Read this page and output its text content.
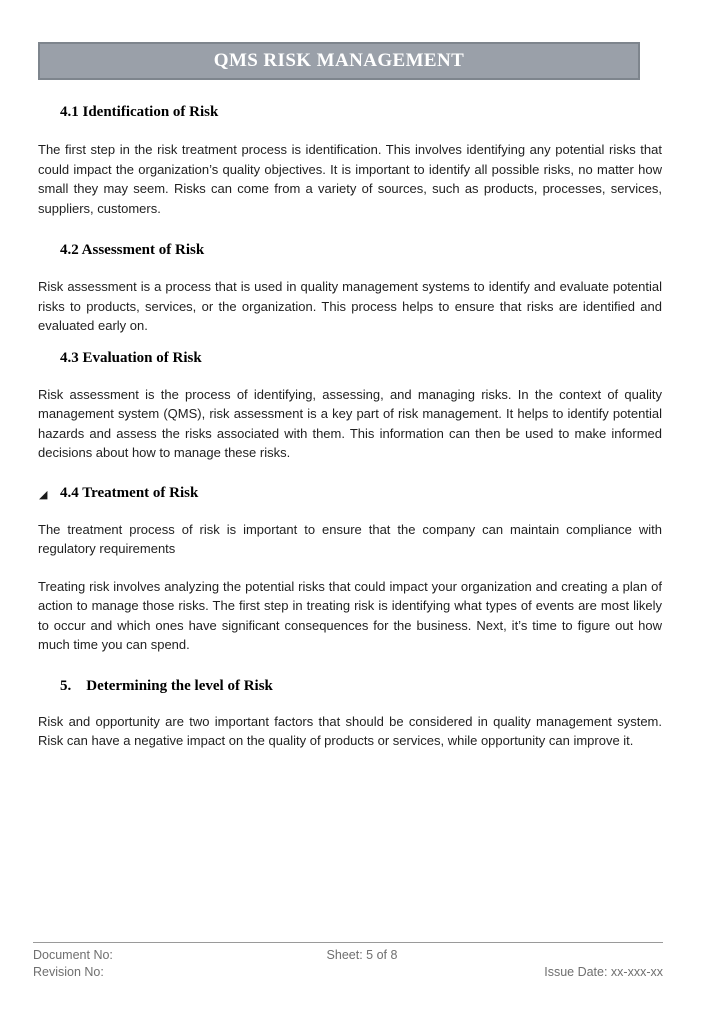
QMS RISK MANAGEMENT
4.1 Identification of Risk

The first step in the risk treatment process is identification. This involves identifying any potential risks that could impact the organization’s quality objectives. It is important to identify all possible risks, no matter how small they may seem. Risks can come from a variety of sources, such as products, processes, services, suppliers, customers.

4.2 Assessment of Risk

Risk assessment is a process that is used in quality management systems to identify and evaluate potential risks to products, services, or the organization. This process helps to ensure that risks are identified and evaluated early on.

4.3 Evaluation of Risk

Risk assessment is the process of identifying, assessing, and managing risks. In the context of quality management system (QMS), risk assessment is a key part of risk management. It helps to identify potential hazards and assess the risks associated with them. This information can then be used to make informed decisions about how to manage these risks.

◢ 4.4 Treatment of Risk

The treatment process of risk is important to ensure that the company can maintain compliance with regulatory requirements

Treating risk involves analyzing the potential risks that could impact your organization and creating a plan of action to manage those risks. The first step in treating risk is identifying what types of events are most likely to occur and which ones have significant consequences for the business. Next, it’s time to figure out how much time you can spend.

5. Determining the level of Risk

Risk and opportunity are two important factors that should be considered in quality management system. Risk can have a negative impact on the quality of products or services, while opportunity can improve it.

Document No:	Sheet: 5 of 8
Revision No:	Issue Date: xx-xxx-xx
